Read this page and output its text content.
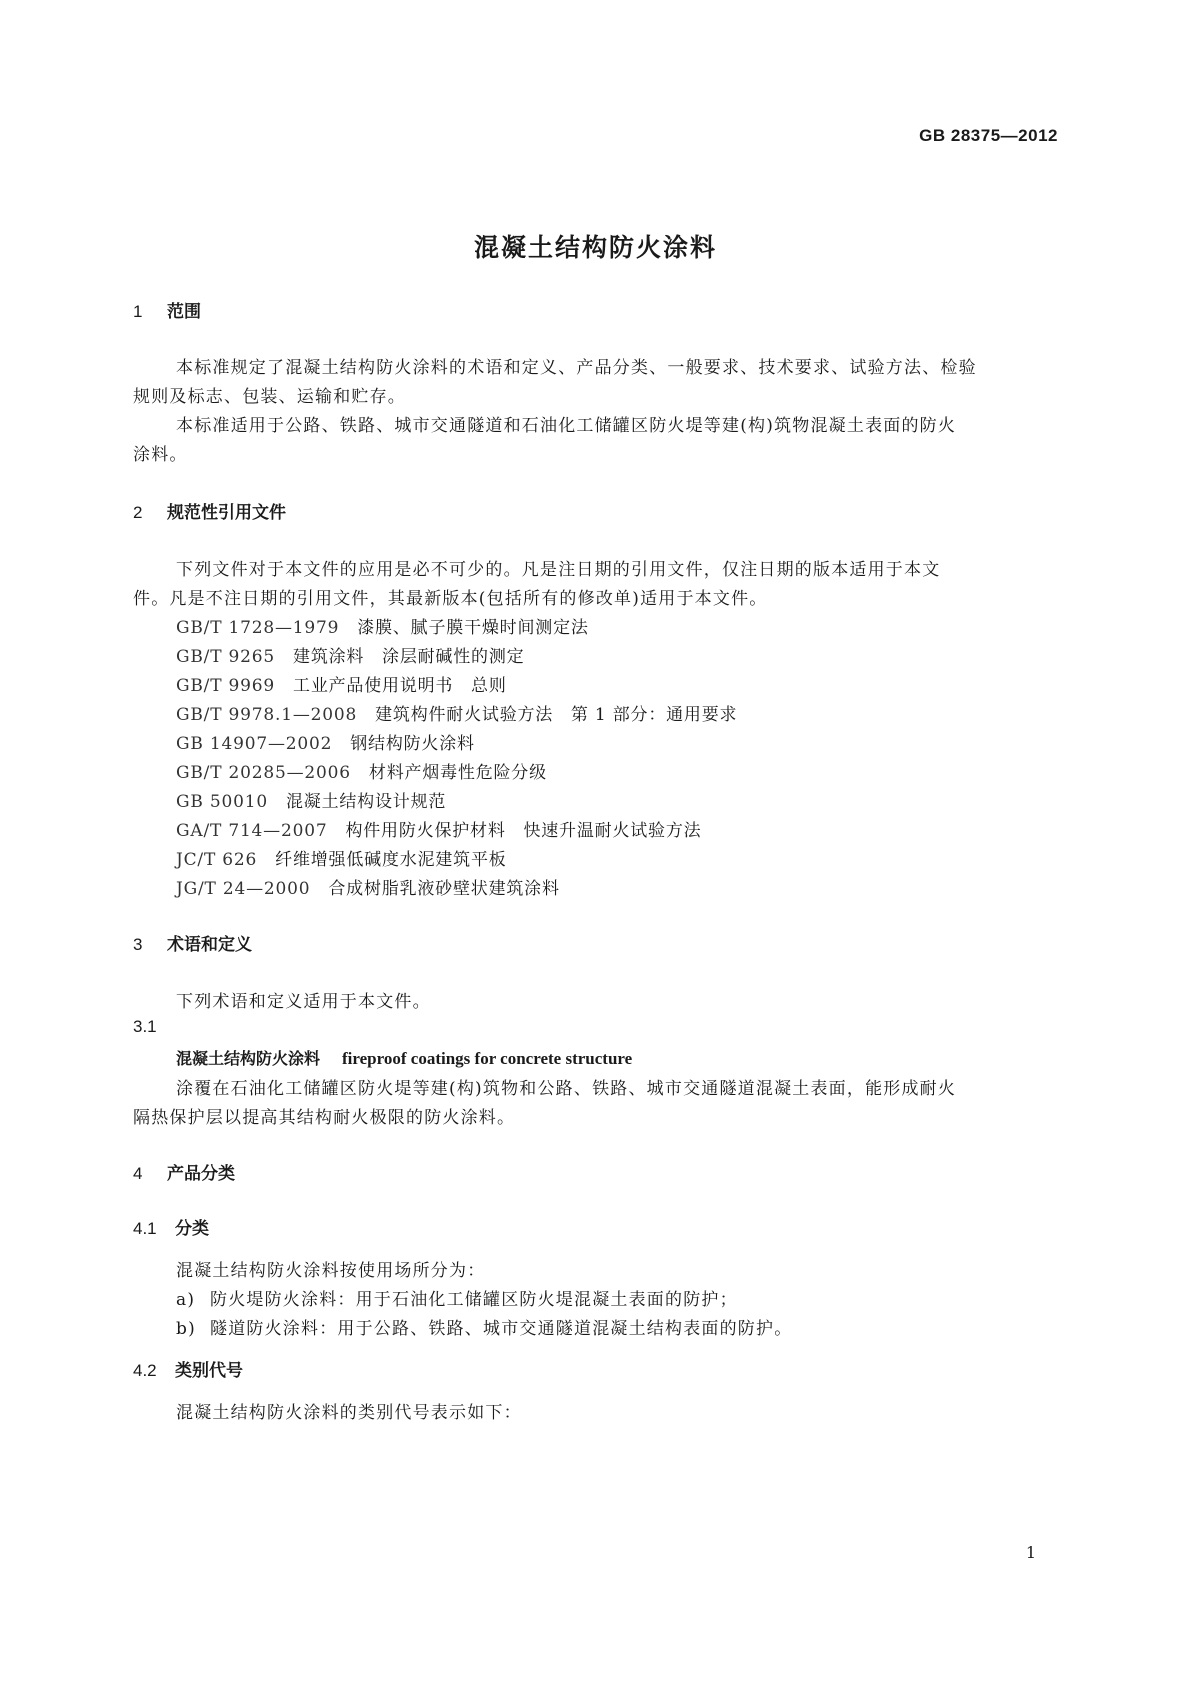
GB 28375—2012
混凝土结构防火涂料
1 范围
本标准规定了混凝土结构防火涂料的术语和定义、产品分类、一般要求、技术要求、试验方法、检验
规则及标志、包装、运输和贮存。
本标准适用于公路、铁路、城市交通隧道和石油化工储罐区防火堤等建(构)筑物混凝土表面的防火
涂料。
2 规范性引用文件
下列文件对于本文件的应用是必不可少的。凡是注日期的引用文件，仅注日期的版本适用于本文
件。凡是不注日期的引用文件，其最新版本(包括所有的修改单)适用于本文件。
GB/T 1728—1979 漆膜、腻子膜干燥时间测定法
GB/T 9265 建筑涂料　涂层耐碱性的测定
GB/T 9969 工业产品使用说明书　总则
GB/T 9978.1—2008 建筑构件耐火试验方法　第 1 部分：通用要求
GB 14907—2002 钢结构防火涂料
GB/T 20285—2006 材料产烟毒性危险分级
GB 50010 混凝土结构设计规范
GA/T 714—2007 构件用防火保护材料　快速升温耐火试验方法
JC/T 626 纤维增强低碱度水泥建筑平板
JG/T 24—2000 合成树脂乳液砂壁状建筑涂料
3 术语和定义
下列术语和定义适用于本文件。
3.1
混凝土结构防火涂料 fireproof coatings for concrete structure
涂覆在石油化工储罐区防火堤等建(构)筑物和公路、铁路、城市交通隧道混凝土表面，能形成耐火
隔热保护层以提高其结构耐火极限的防火涂料。
4 产品分类
4.1 分类
混凝土结构防火涂料按使用场所分为：
a) 防火堤防火涂料：用于石油化工储罐区防火堤混凝土表面的防护；
b) 隧道防火涂料：用于公路、铁路、城市交通隧道混凝土结构表面的防护。
4.2 类别代号
混凝土结构防火涂料的类别代号表示如下：
1
